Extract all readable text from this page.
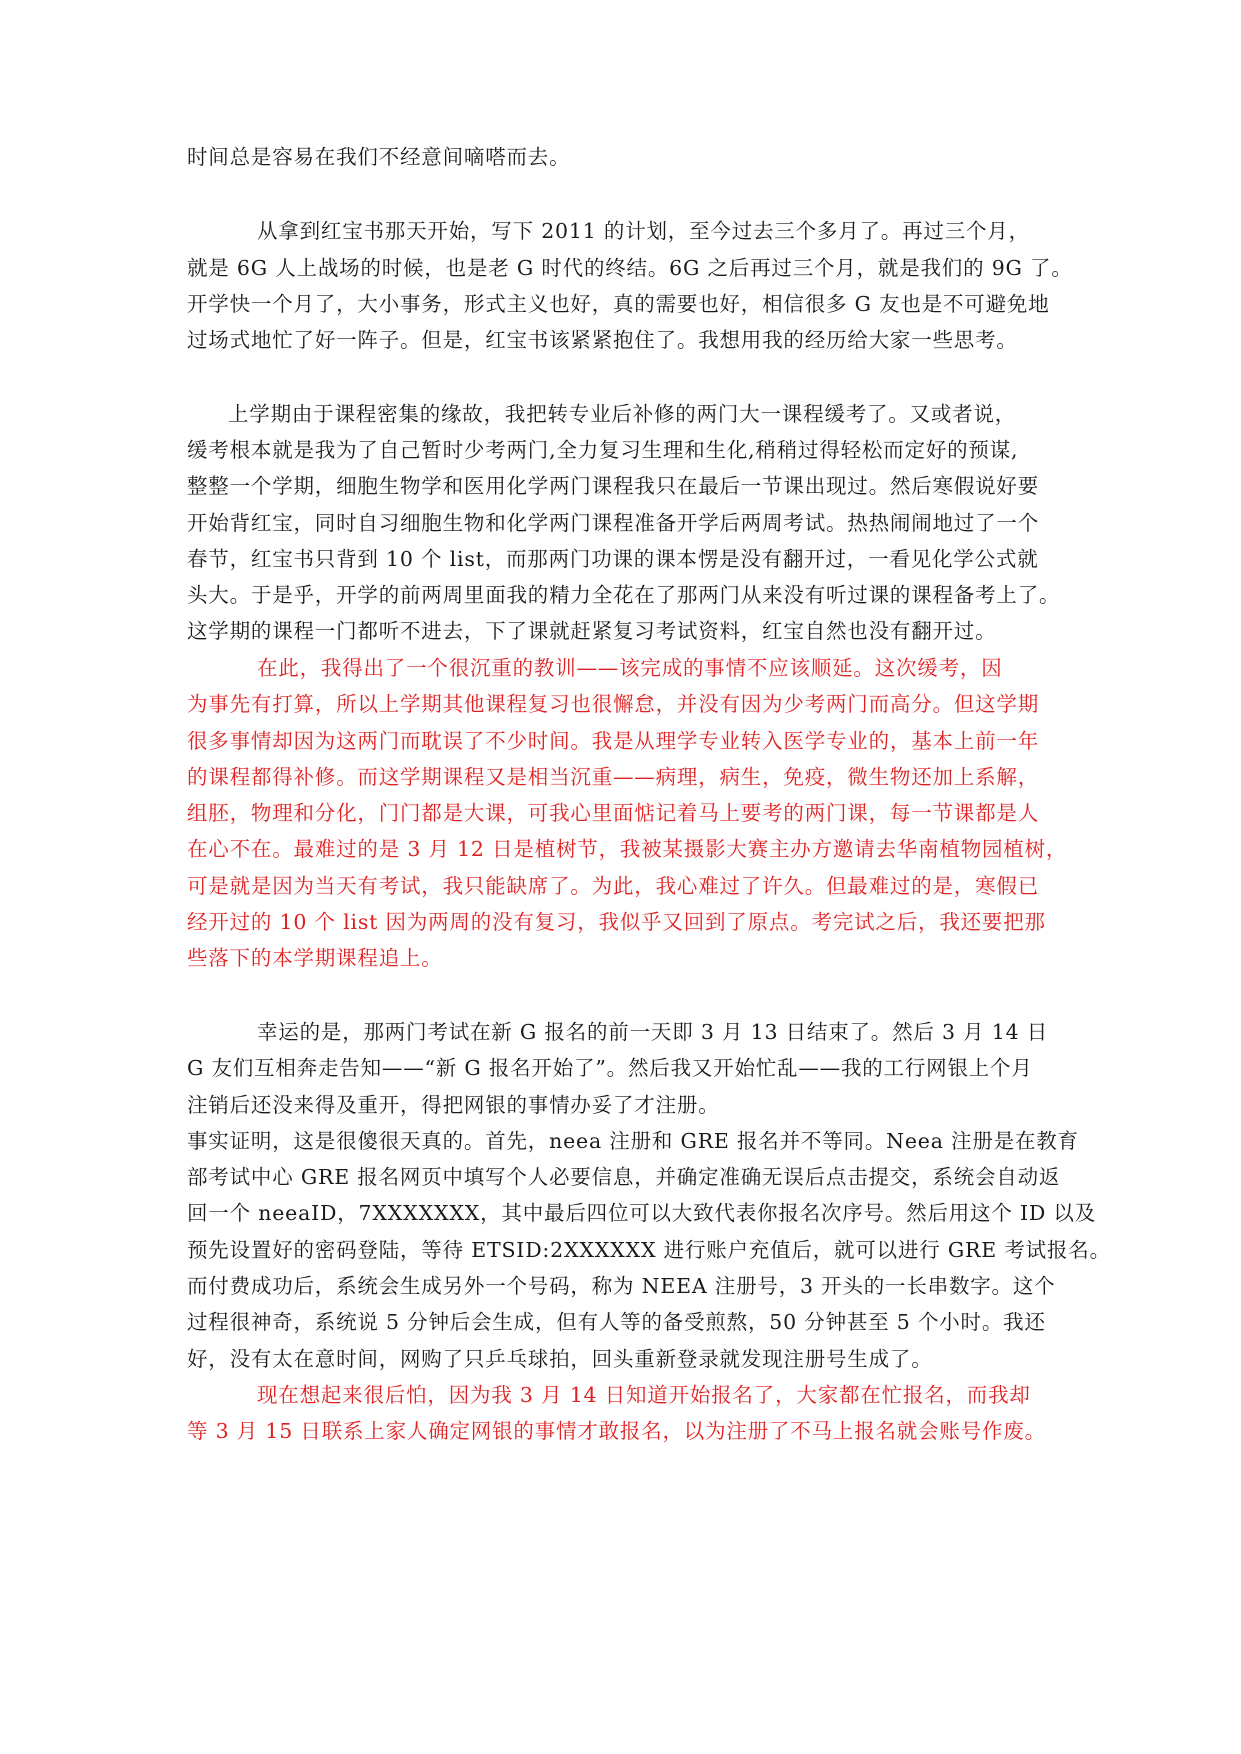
时间总是容易在我们不经意间嘀嗒而去。
从拿到红宝书那天开始，写下 2011 的计划，至今过去三个多月了。再过三个月，
就是 6G 人上战场的时候，也是老 G 时代的终结。6G 之后再过三个月，就是我们的 9G 了。
开学快一个月了，大小事务，形式主义也好，真的需要也好，相信很多 G 友也是不可避免地
过场式地忙了好一阵子。但是，红宝书该紧紧抱住了。我想用我的经历给大家一些思考。
上学期由于课程密集的缘故，我把转专业后补修的两门大一课程缓考了。又或者说，
缓考根本就是我为了自己暂时少考两门,全力复习生理和生化,稍稍过得轻松而定好的预谋,
整整一个学期，细胞生物学和医用化学两门课程我只在最后一节课出现过。然后寒假说好要
开始背红宝，同时自习细胞生物和化学两门课程准备开学后两周考试。热热闹闹地过了一个
春节，红宝书只背到 10 个 list，而那两门功课的课本愣是没有翻开过，一看见化学公式就
头大。于是乎，开学的前两周里面我的精力全花在了那两门从来没有听过课的课程备考上了。
这学期的课程一门都听不进去，下了课就赶紧复习考试资料，红宝自然也没有翻开过。
在此，我得出了一个很沉重的教训——该完成的事情不应该顺延。这次缓考，因
为事先有打算，所以上学期其他课程复习也很懈怠，并没有因为少考两门而高分。但这学期
很多事情却因为这两门而耽误了不少时间。我是从理学专业转入医学专业的，基本上前一年
的课程都得补修。而这学期课程又是相当沉重——病理，病生，免疫，微生物还加上系解，
组胚，物理和分化，门门都是大课，可我心里面惦记着马上要考的两门课，每一节课都是人
在心不在。最难过的是 3 月 12 日是植树节，我被某摄影大赛主办方邀请去华南植物园植树，
可是就是因为当天有考试，我只能缺席了。为此，我心难过了许久。但最难过的是，寒假已
经开过的 10 个 list 因为两周的没有复习，我似乎又回到了原点。考完试之后，我还要把那
些落下的本学期课程追上。
幸运的是，那两门考试在新 G 报名的前一天即 3 月 13 日结束了。然后 3 月 14 日
G 友们互相奔走告知——“新 G 报名开始了”。然后我又开始忙乱——我的工行网银上个月
注销后还没来得及重开，得把网银的事情办妥了才注册。
事实证明，这是很傻很天真的。首先，neea 注册和 GRE 报名并不等同。Neea 注册是在教育
部考试中心 GRE 报名网页中填写个人必要信息，并确定准确无误后点击提交，系统会自动返
回一个 neeaID，7XXXXXXX，其中最后四位可以大致代表你报名次序号。然后用这个 ID 以及
预先设置好的密码登陆，等待 ETSID:2XXXXXX 进行账户充值后，就可以进行 GRE 考试报名。
而付费成功后，系统会生成另外一个号码，称为 NEEA 注册号，3 开头的一长串数字。这个
过程很神奇，系统说 5 分钟后会生成，但有人等的备受煎熬，50 分钟甚至 5 个小时。我还
好，没有太在意时间，网购了只乒乓球拍，回头重新登录就发现注册号生成了。
现在想起来很后怕，因为我 3 月 14 日知道开始报名了，大家都在忙报名，而我却
等 3 月 15 日联系上家人确定网银的事情才敢报名，以为注册了不马上报名就会账号作废。
